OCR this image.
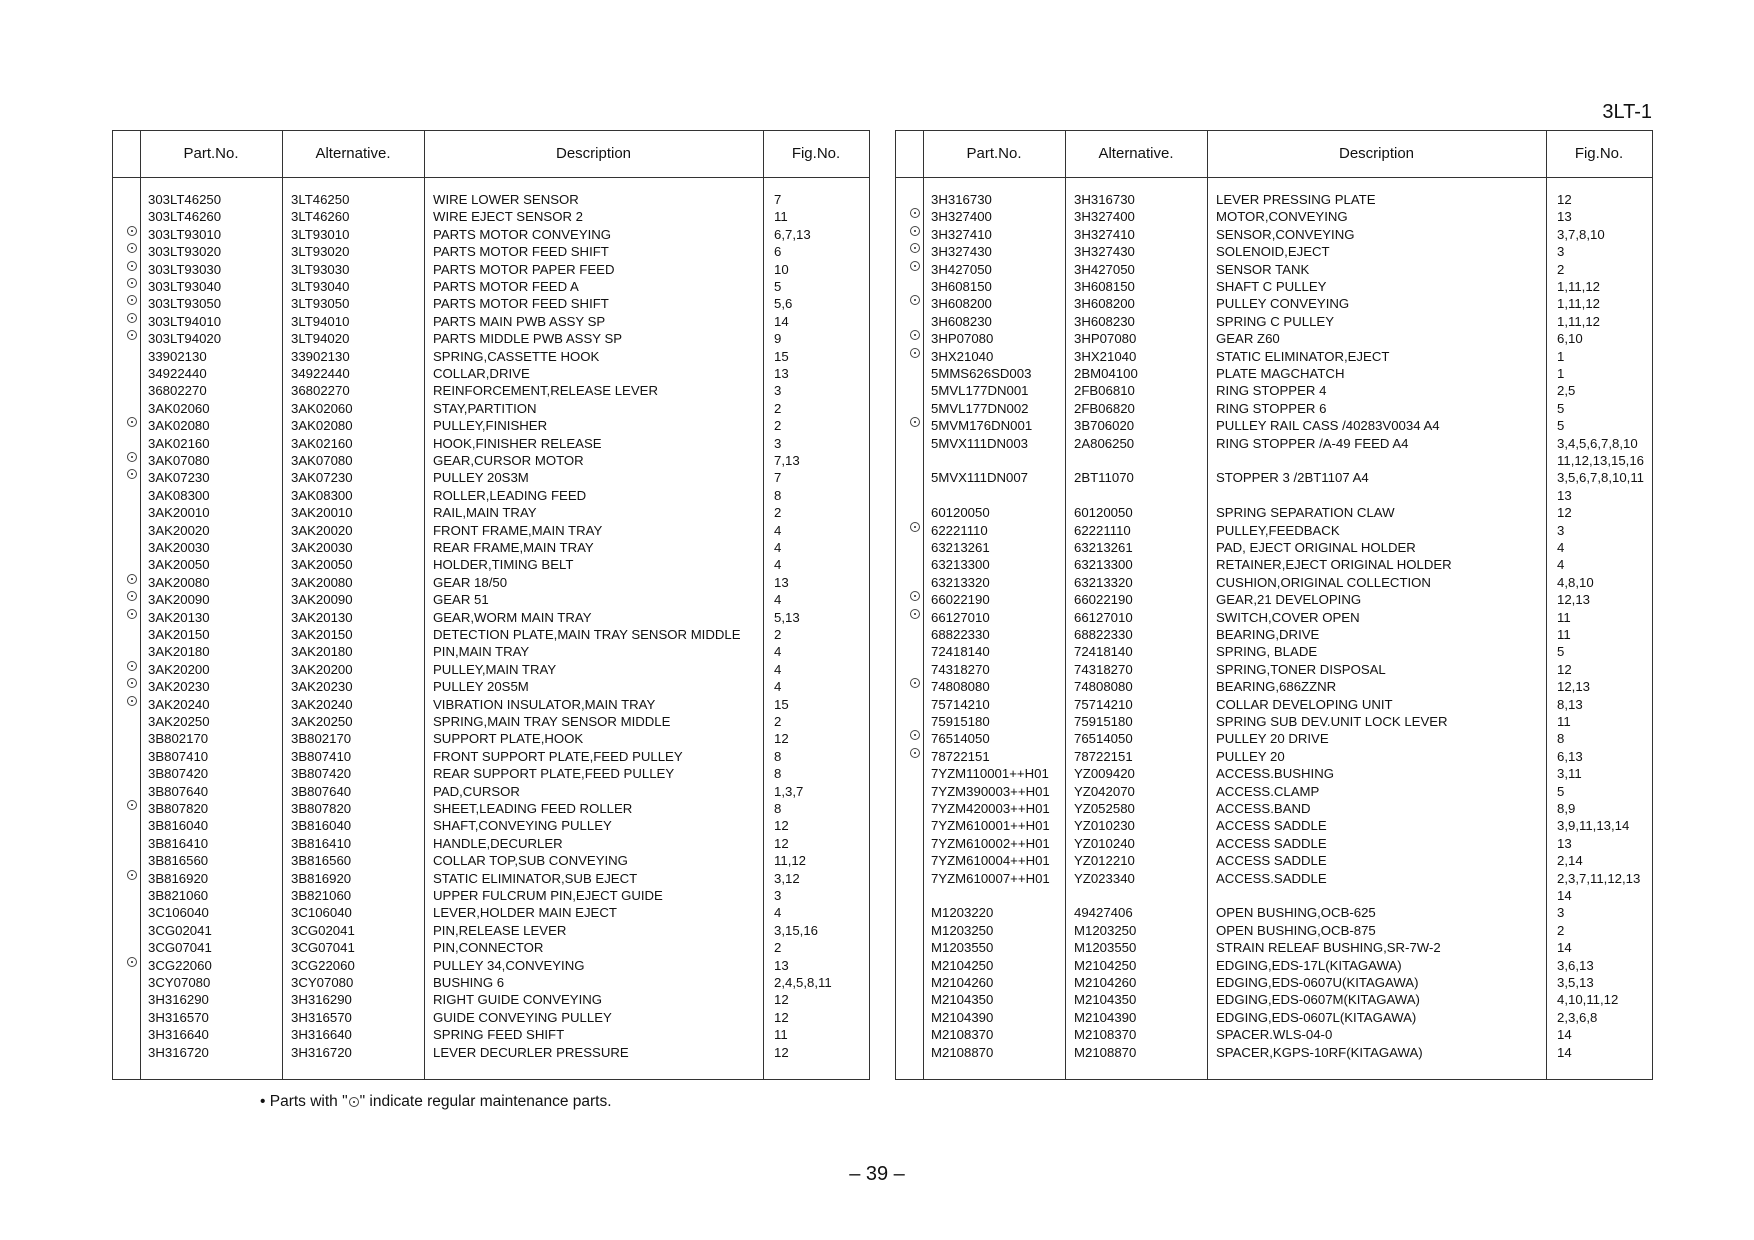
3LT-1
Part.No.	Alternative.	Description	Fig.No.
303LT46250	3LT46250	WIRE LOWER SENSOR	7
303LT46260	3LT46260	WIRE EJECT SENSOR 2	11
303LT93010	3LT93010	PARTS MOTOR CONVEYING	6,7,13
303LT93020	3LT93020	PARTS MOTOR FEED SHIFT	6
303LT93030	3LT93030	PARTS MOTOR PAPER FEED	10
303LT93040	3LT93040	PARTS MOTOR FEED A	5
303LT93050	3LT93050	PARTS MOTOR FEED SHIFT	5,6
303LT94010	3LT94010	PARTS MAIN PWB ASSY SP	14
303LT94020	3LT94020	PARTS MIDDLE PWB ASSY SP	9
33902130	33902130	SPRING,CASSETTE HOOK	15
34922440	34922440	COLLAR,DRIVE	13
36802270	36802270	REINFORCEMENT,RELEASE LEVER	3
3AK02060	3AK02060	STAY,PARTITION	2
3AK02080	3AK02080	PULLEY,FINISHER	2
3AK02160	3AK02160	HOOK,FINISHER RELEASE	3
3AK07080	3AK07080	GEAR,CURSOR MOTOR	7,13
3AK07230	3AK07230	PULLEY 20S3M	7
3AK08300	3AK08300	ROLLER,LEADING FEED	8
3AK20010	3AK20010	RAIL,MAIN TRAY	2
3AK20020	3AK20020	FRONT FRAME,MAIN TRAY	4
3AK20030	3AK20030	REAR FRAME,MAIN TRAY	4
3AK20050	3AK20050	HOLDER,TIMING BELT	4
3AK20080	3AK20080	GEAR 18/50	13
3AK20090	3AK20090	GEAR 51	4
3AK20130	3AK20130	GEAR,WORM MAIN TRAY	5,13
3AK20150	3AK20150	DETECTION PLATE,MAIN TRAY SENSOR MIDDLE	2
3AK20180	3AK20180	PIN,MAIN TRAY	4
3AK20200	3AK20200	PULLEY,MAIN TRAY	4
3AK20230	3AK20230	PULLEY 20S5M	4
3AK20240	3AK20240	VIBRATION INSULATOR,MAIN TRAY	15
3AK20250	3AK20250	SPRING,MAIN TRAY SENSOR MIDDLE	2
3B802170	3B802170	SUPPORT PLATE,HOOK	12
3B807410	3B807410	FRONT SUPPORT PLATE,FEED PULLEY	8
3B807420	3B807420	REAR SUPPORT PLATE,FEED PULLEY	8
3B807640	3B807640	PAD,CURSOR	1,3,7
3B807820	3B807820	SHEET,LEADING FEED ROLLER	8
3B816040	3B816040	SHAFT,CONVEYING PULLEY	12
3B816410	3B816410	HANDLE,DECURLER	12
3B816560	3B816560	COLLAR TOP,SUB CONVEYING	11,12
3B816920	3B816920	STATIC ELIMINATOR,SUB EJECT	3,12
3B821060	3B821060	UPPER FULCRUM PIN,EJECT GUIDE	3
3C106040	3C106040	LEVER,HOLDER MAIN EJECT	4
3CG02041	3CG02041	PIN,RELEASE LEVER	3,15,16
3CG07041	3CG07041	PIN,CONNECTOR	2
3CG22060	3CG22060	PULLEY 34,CONVEYING	13
3CY07080	3CY07080	BUSHING 6	2,4,5,8,11
3H316290	3H316290	RIGHT GUIDE CONVEYING	12
3H316570	3H316570	GUIDE CONVEYING PULLEY	12
3H316640	3H316640	SPRING FEED SHIFT	11
3H316720	3H316720	LEVER DECURLER PRESSURE	12
Part.No.	Alternative.	Description	Fig.No.
3H316730	3H316730	LEVER PRESSING PLATE	12
3H327400	3H327400	MOTOR,CONVEYING	13
3H327410	3H327410	SENSOR,CONVEYING	3,7,8,10
3H327430	3H327430	SOLENOID,EJECT	3
3H427050	3H427050	SENSOR TANK	2
3H608150	3H608150	SHAFT C PULLEY	1,11,12
3H608200	3H608200	PULLEY CONVEYING	1,11,12
3H608230	3H608230	SPRING C PULLEY	1,11,12
3HP07080	3HP07080	GEAR Z60	6,10
3HX21040	3HX21040	STATIC ELIMINATOR,EJECT	1
5MMS626SD003	2BM04100	PLATE MAGCHATCH	1
5MVL177DN001	2FB06810	RING STOPPER 4	2,5
5MVL177DN002	2FB06820	RING STOPPER 6	5
5MVM176DN001	3B706020	PULLEY RAIL CASS /40283V0034 A4	5
5MVX111DN003	2A806250	RING STOPPER /A-49 FEED A4	3,4,5,6,7,8,10
11,12,13,15,16
5MVX111DN007	2BT11070	STOPPER 3 /2BT1107 A4	3,5,6,7,8,10,11
13
60120050	60120050	SPRING SEPARATION CLAW	12
62221110	62221110	PULLEY,FEEDBACK	3
63213261	63213261	PAD, EJECT ORIGINAL HOLDER	4
63213300	63213300	RETAINER,EJECT ORIGINAL HOLDER	4
63213320	63213320	CUSHION,ORIGINAL COLLECTION	4,8,10
66022190	66022190	GEAR,21 DEVELOPING	12,13
66127010	66127010	SWITCH,COVER OPEN	11
68822330	68822330	BEARING,DRIVE	11
72418140	72418140	SPRING, BLADE	5
74318270	74318270	SPRING,TONER DISPOSAL	12
74808080	74808080	BEARING,686ZZNR	12,13
75714210	75714210	COLLAR DEVELOPING UNIT	8,13
75915180	75915180	SPRING SUB DEV.UNIT LOCK LEVER	11
76514050	76514050	PULLEY 20 DRIVE	8
78722151	78722151	PULLEY 20	6,13
7YZM110001++H01 YZ009420	ACCESS.BUSHING	3,11
7YZM390003++H01 YZ042070	ACCESS.CLAMP	5
7YZM420003++H01 YZ052580	ACCESS.BAND	8,9
7YZM610001++H01 YZ010230	ACCESS SADDLE	3,9,11,13,14
7YZM610002++H01 YZ010240	ACCESS SADDLE	13
7YZM610004++H01 YZ012210	ACCESS SADDLE	2,14
7YZM610007++H01 YZ023340	ACCESS.SADDLE	2,3,7,11,12,13
14
M1203220	49427406	OPEN BUSHING,OCB-625	3
M1203250	M1203250	OPEN BUSHING,OCB-875	2
M1203550	M1203550	STRAIN RELEAF BUSHING,SR-7W-2	14
M2104250	M2104250	EDGING,EDS-17L(KITAGAWA)	3,6,13
M2104260	M2104260	EDGING,EDS-0607U(KITAGAWA)	3,5,13
M2104350	M2104350	EDGING,EDS-0607M(KITAGAWA)	4,10,11,12
M2104390	M2104390	EDGING,EDS-0607L(KITAGAWA)	2,3,6,8
M2108370	M2108370	SPACER.WLS-04-0	14
M2108870	M2108870	SPACER,KGPS-10RF(KITAGAWA)	14
• Parts with " " indicate regular maintenance parts.
– 39 –
